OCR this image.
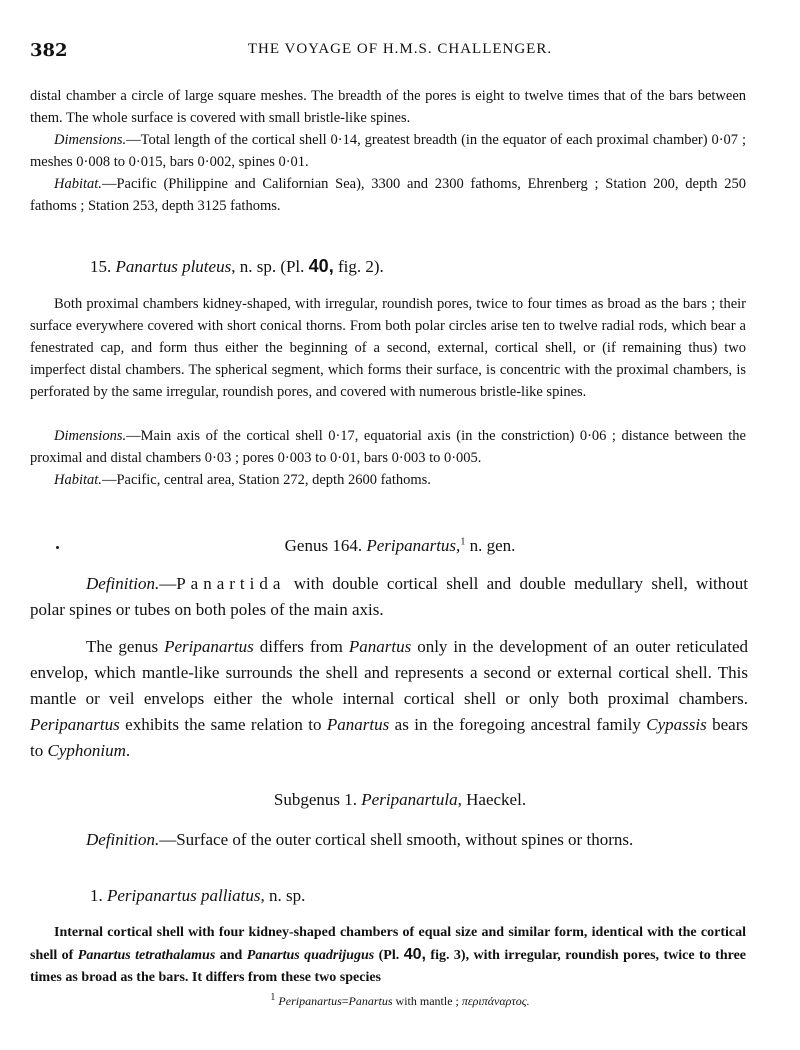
382	THE VOYAGE OF H.M.S. CHALLENGER.

distal chamber a circle of large square meshes. The breadth of the pores is eight to twelve times that of the bars between them. The whole surface is covered with small bristle-like spines.

Dimensions.—Total length of the cortical shell 0·14, greatest breadth (in the equator of each proximal chamber) 0·07 ; meshes 0·008 to 0·015, bars 0·002, spines 0·01.

Habitat.—Pacific (Philippine and Californian Sea), 3300 and 2300 fathoms, Ehrenberg ; Station 200, depth 250 fathoms ; Station 253, depth 3125 fathoms.

15. Panartus pluteus, n. sp. (Pl. 40, fig. 2).

Both proximal chambers kidney-shaped, with irregular, roundish pores, twice to four times as broad as the bars ; their surface everywhere covered with short conical thorns. From both polar circles arise ten to twelve radial rods, which bear a fenestrated cap, and form thus either the beginning of a second, external, cortical shell, or (if remaining thus) two imperfect distal chambers. The spherical segment, which forms their surface, is concentric with the proximal chambers, is perforated by the same irregular, roundish pores, and covered with numerous bristle-like spines.

Dimensions.—Main axis of the cortical shell 0·17, equatorial axis (in the constriction) 0·06 ; distance between the proximal and distal chambers 0·03 ; pores 0·003 to 0·01, bars 0·003 to 0·005.

Habitat.—Pacific, central area, Station 272, depth 2600 fathoms.

Genus 164. Peripanartus,$^1$ n. gen.

Definition.—Panartida with double cortical shell and double medullary shell, without polar spines or tubes on both poles of the main axis.

The genus Peripanartus differs from Panartus only in the development of an outer reticulated envelop, which mantle-like surrounds the shell and represents a second or external cortical shell. This mantle or veil envelops either the whole internal cortical shell or only both proximal chambers. Peripanartus exhibits the same relation to Panartus as in the foregoing ancestral family Cypassis bears to Cyphonium.

Subgenus 1. Peripanartula, Haeckel.

Definition.—Surface of the outer cortical shell smooth, without spines or thorns.

1. Peripanartus palliatus, n. sp.

Internal cortical shell with four kidney-shaped chambers of equal size and similar form, identical with the cortical shell of Panartus tetrathalamus and Panartus quadrijugus (Pl. 40, fig. 3), with irregular, roundish pores, twice to three times as broad as the bars. It differs from these two species

$^1$ Peripanartus=Panartus with mantle ; περιπάναρτος.
